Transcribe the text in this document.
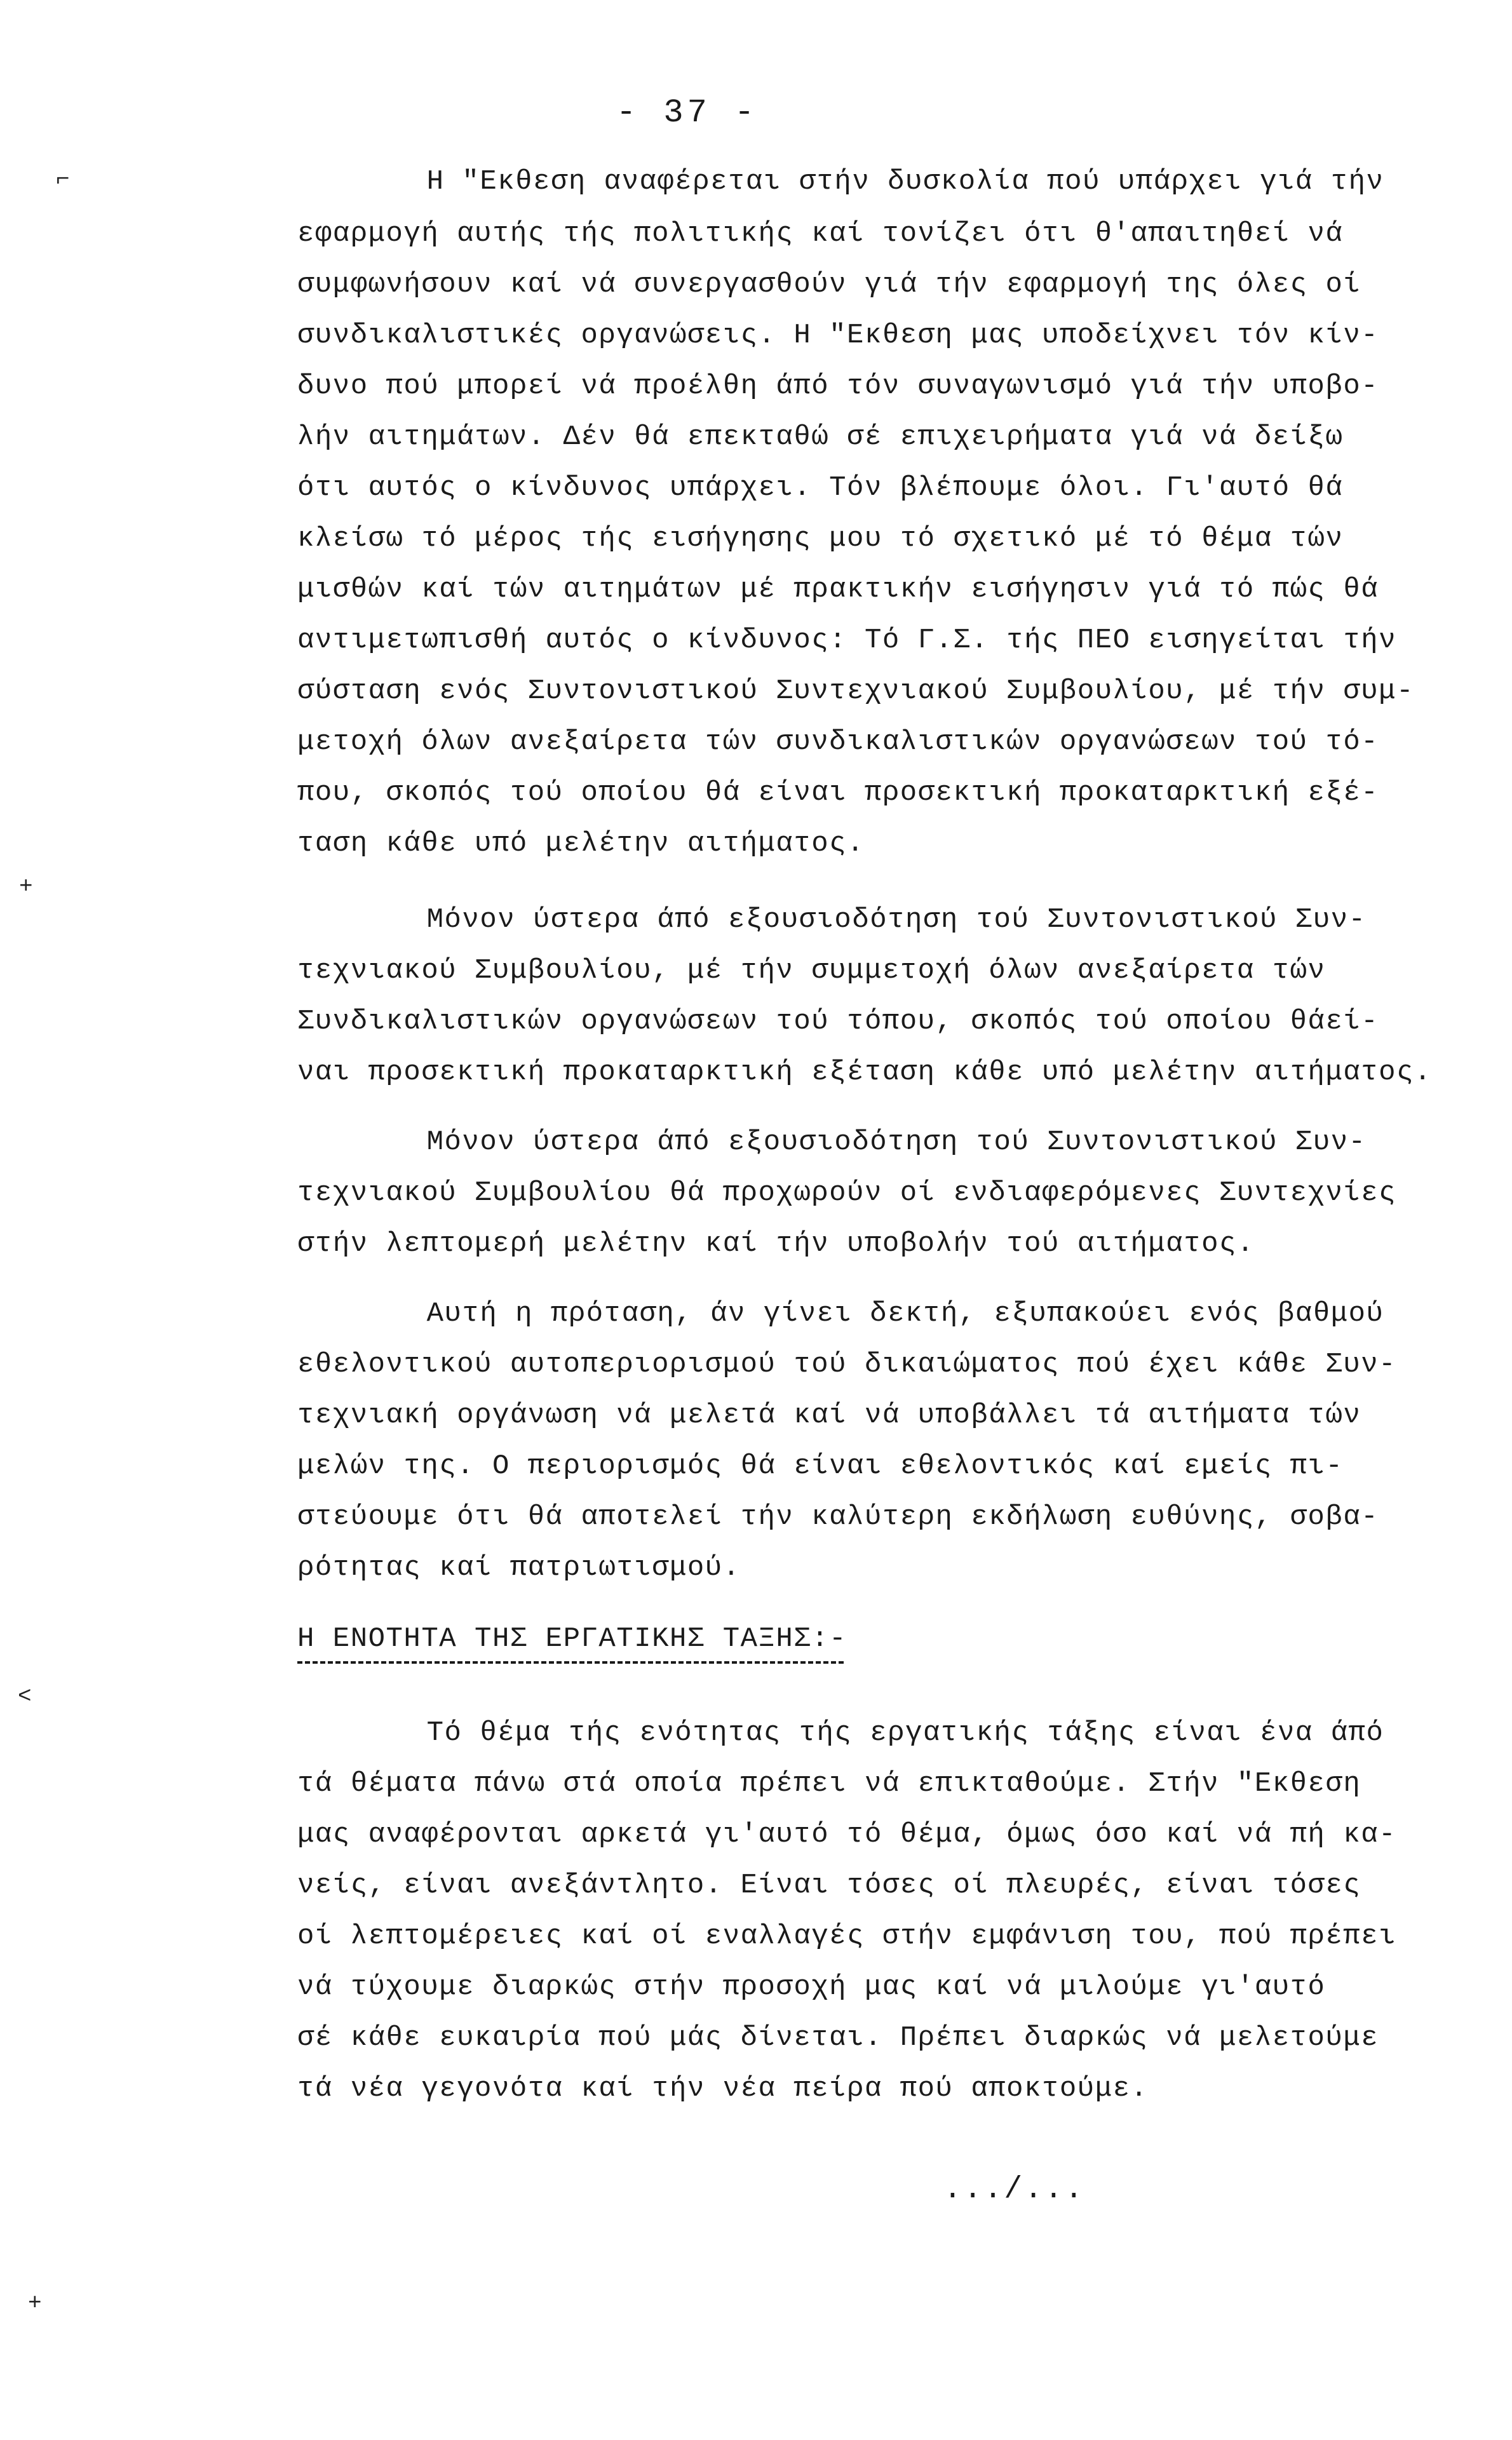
- 37 -
⌐
+
<
+
Η "Εκθεση αναφέρεται στήν δυσκολία πού υπάρχει γιά τήν
εφαρμογή αυτής τής πολιτικής καί τονίζει ότι θ'απαιτηθεί νά
συμφωνήσουν καί νά συνεργασθούν γιά τήν εφαρμογή της όλες οί
συνδικαλιστικές οργανώσεις. Η "Εκθεση μας υποδείχνει τόν κίν-
δυνο πού μπορεί νά προέλθη άπό τόν συναγωνισμό γιά τήν υποβο-
λήν αιτημάτων. Δέν θά επεκταθώ σέ επιχειρήματα γιά νά δείξω
ότι αυτός ο κίνδυνος υπάρχει. Τόν βλέπουμε όλοι. Γι'αυτό θά
κλείσω τό μέρος τής εισήγησης μου τό σχετικό μέ τό θέμα τών
μισθών καί τών αιτημάτων μέ πρακτικήν εισήγησιν γιά τό πώς θά
αντιμετωπισθή αυτός ο κίνδυνος: Τό Γ.Σ. τής ΠΕΟ εισηγείται τήν
σύσταση ενός Συντονιστικού Συντεχνιακού Συμβουλίου, μέ τήν συμ-
μετοχή όλων ανεξαίρετα τών συνδικαλιστικών οργανώσεων τού τό-
που, σκοπός τού οποίου θά είναι προσεκτική προκαταρκτική εξέ-
ταση κάθε υπό μελέτην αιτήματος.
Μόνον ύστερα άπό εξουσιοδότηση τού Συντονιστικού Συν-
τεχνιακού Συμβουλίου, μέ τήν συμμετοχή όλων ανεξαίρετα τών
Συνδικαλιστικών οργανώσεων τού τόπου, σκοπός τού οποίου θάεί-
ναι προσεκτική προκαταρκτική εξέταση κάθε υπό μελέτην αιτήματος.
Μόνον ύστερα άπό εξουσιοδότηση τού Συντονιστικού Συν-
τεχνιακού Συμβουλίου θά προχωρούν οί ενδιαφερόμενες Συντεχνίες
στήν λεπτομερή μελέτην καί τήν υποβολήν τού αιτήματος.
Αυτή η πρόταση, άν γίνει δεκτή, εξυπακούει ενός βαθμού
εθελοντικού αυτοπεριορισμού τού δικαιώματος πού έχει κάθε Συν-
τεχνιακή οργάνωση νά μελετά καί νά υποβάλλει τά αιτήματα τών
μελών της. Ο περιορισμός θά είναι εθελοντικός καί εμείς πι-
στεύουμε ότι θά αποτελεί τήν καλύτερη εκδήλωση ευθύνης, σοβα-
ρότητας καί πατριωτισμού.
Η ΕΝΟΤΗΤΑ ΤΗΣ ΕΡΓΑΤΙΚΗΣ ΤΑΞΗΣ:-
Τό θέμα τής ενότητας τής εργατικής τάξης είναι ένα άπό
τά θέματα πάνω στά οποία πρέπει νά επικταθούμε. Στήν "Εκθεση
μας αναφέρονται αρκετά γι'αυτό τό θέμα, όμως όσο καί νά πή κα-
νείς, είναι ανεξάντλητο. Είναι τόσες οί πλευρές, είναι τόσες
οί λεπτομέρειες καί οί εναλλαγές στήν εμφάνιση του, πού πρέπει
νά τύχουμε διαρκώς στήν προσοχή μας καί νά μιλούμε γι'αυτό
σέ κάθε ευκαιρία πού μάς δίνεται. Πρέπει διαρκώς νά μελετούμε
τά νέα γεγονότα καί τήν νέα πείρα πού αποκτούμε.
.../...
